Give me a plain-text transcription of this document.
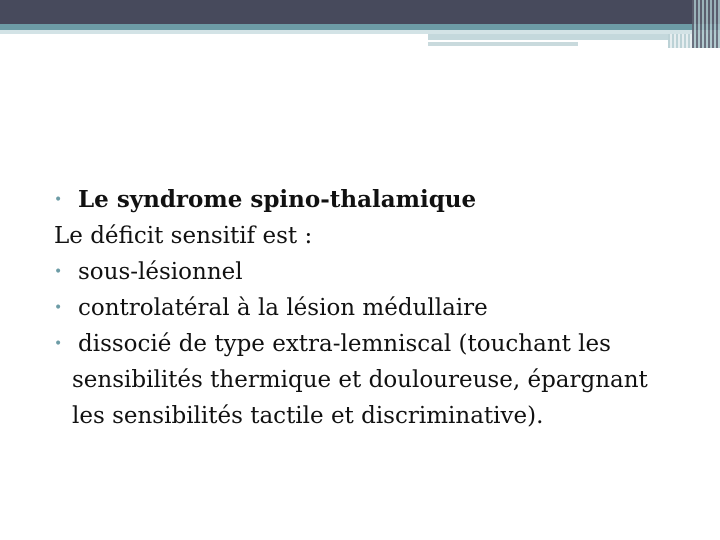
• Le syndrome spino-thalamique
Le déficit sensitif est :
• sous-lésionnel
• controlatéral à la lésion médullaire
• dissocié de type extra-lemniscal (touchant les
sensibilités thermique et douloureuse, épargnant
les sensibilités tactile et discriminative).
